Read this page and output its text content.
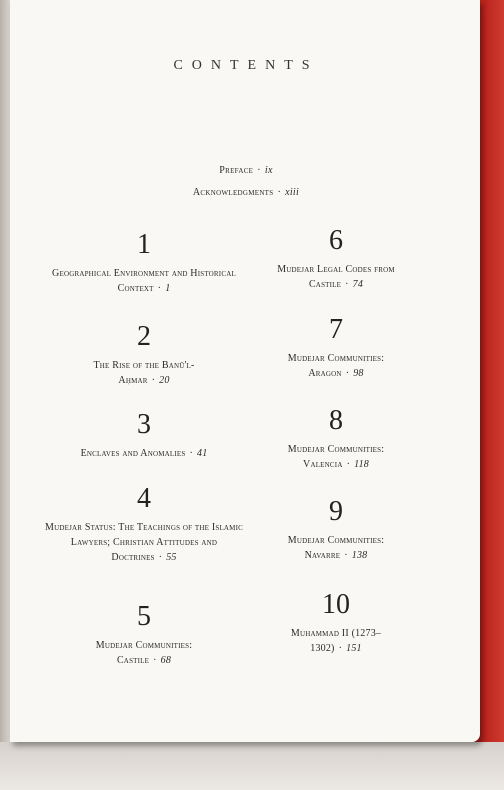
CONTENTS
Preface · ix
Acknowledgments · xiii
1
Geographical Environment and Historical Context · 1
2
The Rise of the Banū'l-Aḥmar · 20
3
Enclaves and Anomalies · 41
4
Mudejar Status: The Teachings of the Islamic Lawyers; Christian Attitudes and Doctrines · 55
5
Mudejar Communities: Castile · 68
6
Mudejar Legal Codes from Castile · 74
7
Mudejar Communities: Aragon · 98
8
Mudejar Communities: Valencia · 118
9
Mudejar Communities: Navarre · 138
10
Muhammad II (1273–1302) · 151
